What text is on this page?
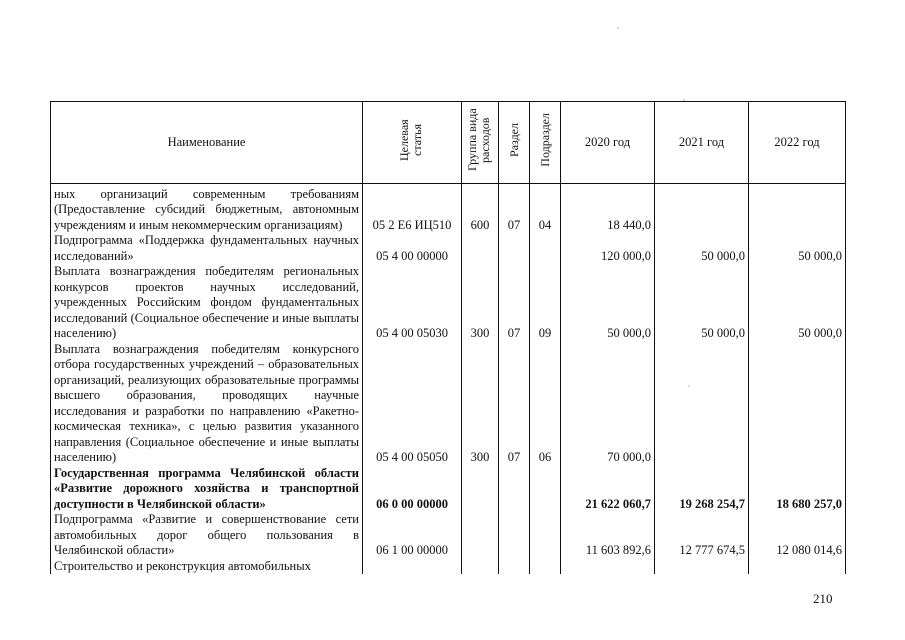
Наименование	Целевая статья	Группа вида расходов	Раздел	Подраздел	2020 год	2021 год	2022 год
ных организаций современным требованиям (Предоставление субсидий бюджетным, автономным учреждениям и иным некоммерческим организациям)	05 2 Е6 ИЦ510	600	07	04	18 440,0		
Подпрограмма «Поддержка фундаментальных научных исследований»	05 4 00 00000				120 000,0	50 000,0	50 000,0
Выплата вознаграждения победителям региональных конкурсов проектов научных исследований, учрежденных Российским фондом фундаментальных исследований (Социальное обеспечение и иные выплаты населению)	05 4 00 05030	300	07	09	50 000,0	50 000,0	50 000,0
Выплата вознаграждения победителям конкурсного отбора государственных учреждений – образовательных организаций, реализующих образовательные программы высшего образования, проводящих научные исследования и разработки по направлению «Ракетно-космическая техника», с целью развития указанного направления (Социальное обеспечение и иные выплаты населению)	05 4 00 05050	300	07	06	70 000,0		
Государственная программа Челябинской области «Развитие дорожного хозяйства и транспортной доступности в Челябинской области»	06 0 00 00000				21 622 060,7	19 268 254,7	18 680 257,0
Подпрограмма «Развитие и совершенствование сети автомобильных дорог общего пользования в Челябинской области»	06 1 00 00000				11 603 892,6	12 777 674,5	12 080 014,6
Строительство и реконструкция автомобильных							
210
